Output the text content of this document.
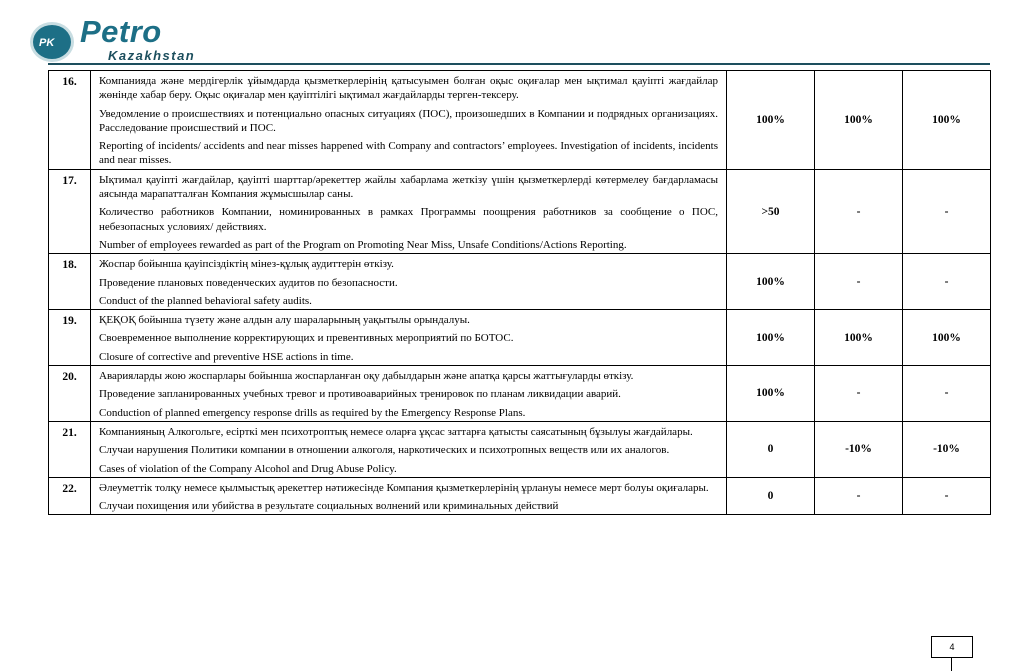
PK Petro
Kazakhstan
16.	Компанияда және мердігерлік ұйымдарда қызметкерлерінің қатысуымен болған оқыс оқиғалар мен ықтимал қауіпті жағдайлар жөнінде хабар беру. Оқыс оқиғалар мен қауіптілігі ықтимал жағдайларды терген-тексеру.

Уведомление о происшествиях и потенциально опасных ситуациях (ПОС), произошедших в Компании и подрядных организациях. Расследование происшествий и ПОС.

Reporting of incidents/ accidents and near misses happened with Company and contractors’ employees. Investigation of incidents, incidents and near misses.	100%	100%	100%
17.	Ықтимал қауіпті жағдайлар, қауіпті шарттар/әрекеттер жайлы хабарлама жеткізу үшін қызметкерлерді көтермелеу бағдарламасы аясында марапатталған Компания жұмысшылар саны.

Количество работников Компании, номинированных в рамках Программы поощрения работников за сообщение о ПОС, небезопасных условиях/ действиях.

Number of employees rewarded as part of the Program on Promoting Near Miss, Unsafe Conditions/Actions Reporting.	>50	-	-
18.	Жоспар бойынша қауіпсіздіктің мінез-құлық аудиттерін өткізу.

Проведение плановых поведенческих аудитов по безопасности.

Conduct of the planned behavioral safety audits.	100%	-	-
19.	ҚЕҚОҚ бойынша түзету және алдын алу шараларының уақытылы орындалуы.

Своевременное выполнение корректирующих и превентивных мероприятий по БОТОС.

Closure of corrective and preventive HSE actions in time.	100%	100%	100%
20.	Аварияларды жою жоспарлары бойынша жоспарланған оқу дабылдарын және апатқа қарсы жаттығуларды өткізу.

Проведение запланированных учебных тревог и противоаварийных тренировок по планам ликвидации аварий.

Conduction of planned emergency response drills as required by the Emergency Response Plans.	100%	-	-
21.	Компанияның Алкогольге, есірткі мен психотроптық немесе оларға ұқсас заттарға қатысты саясатының бұзылуы жағдайлары.

Случаи нарушения Политики компании в отношении алкоголя, наркотических и психотропных веществ или их аналогов.

Cases of violation of the Company Alcohol and Drug Abuse Policy.	0	-10%	-10%
22.	Әлеуметтік толқу немесе қылмыстық әрекеттер нәтижесінде Компания қызметкерлерінің ұрлануы немесе мерт болуы оқиғалары.

Случаи похищения или убийства в результате социальных волнений или криминальных действий	0	-	-
4
